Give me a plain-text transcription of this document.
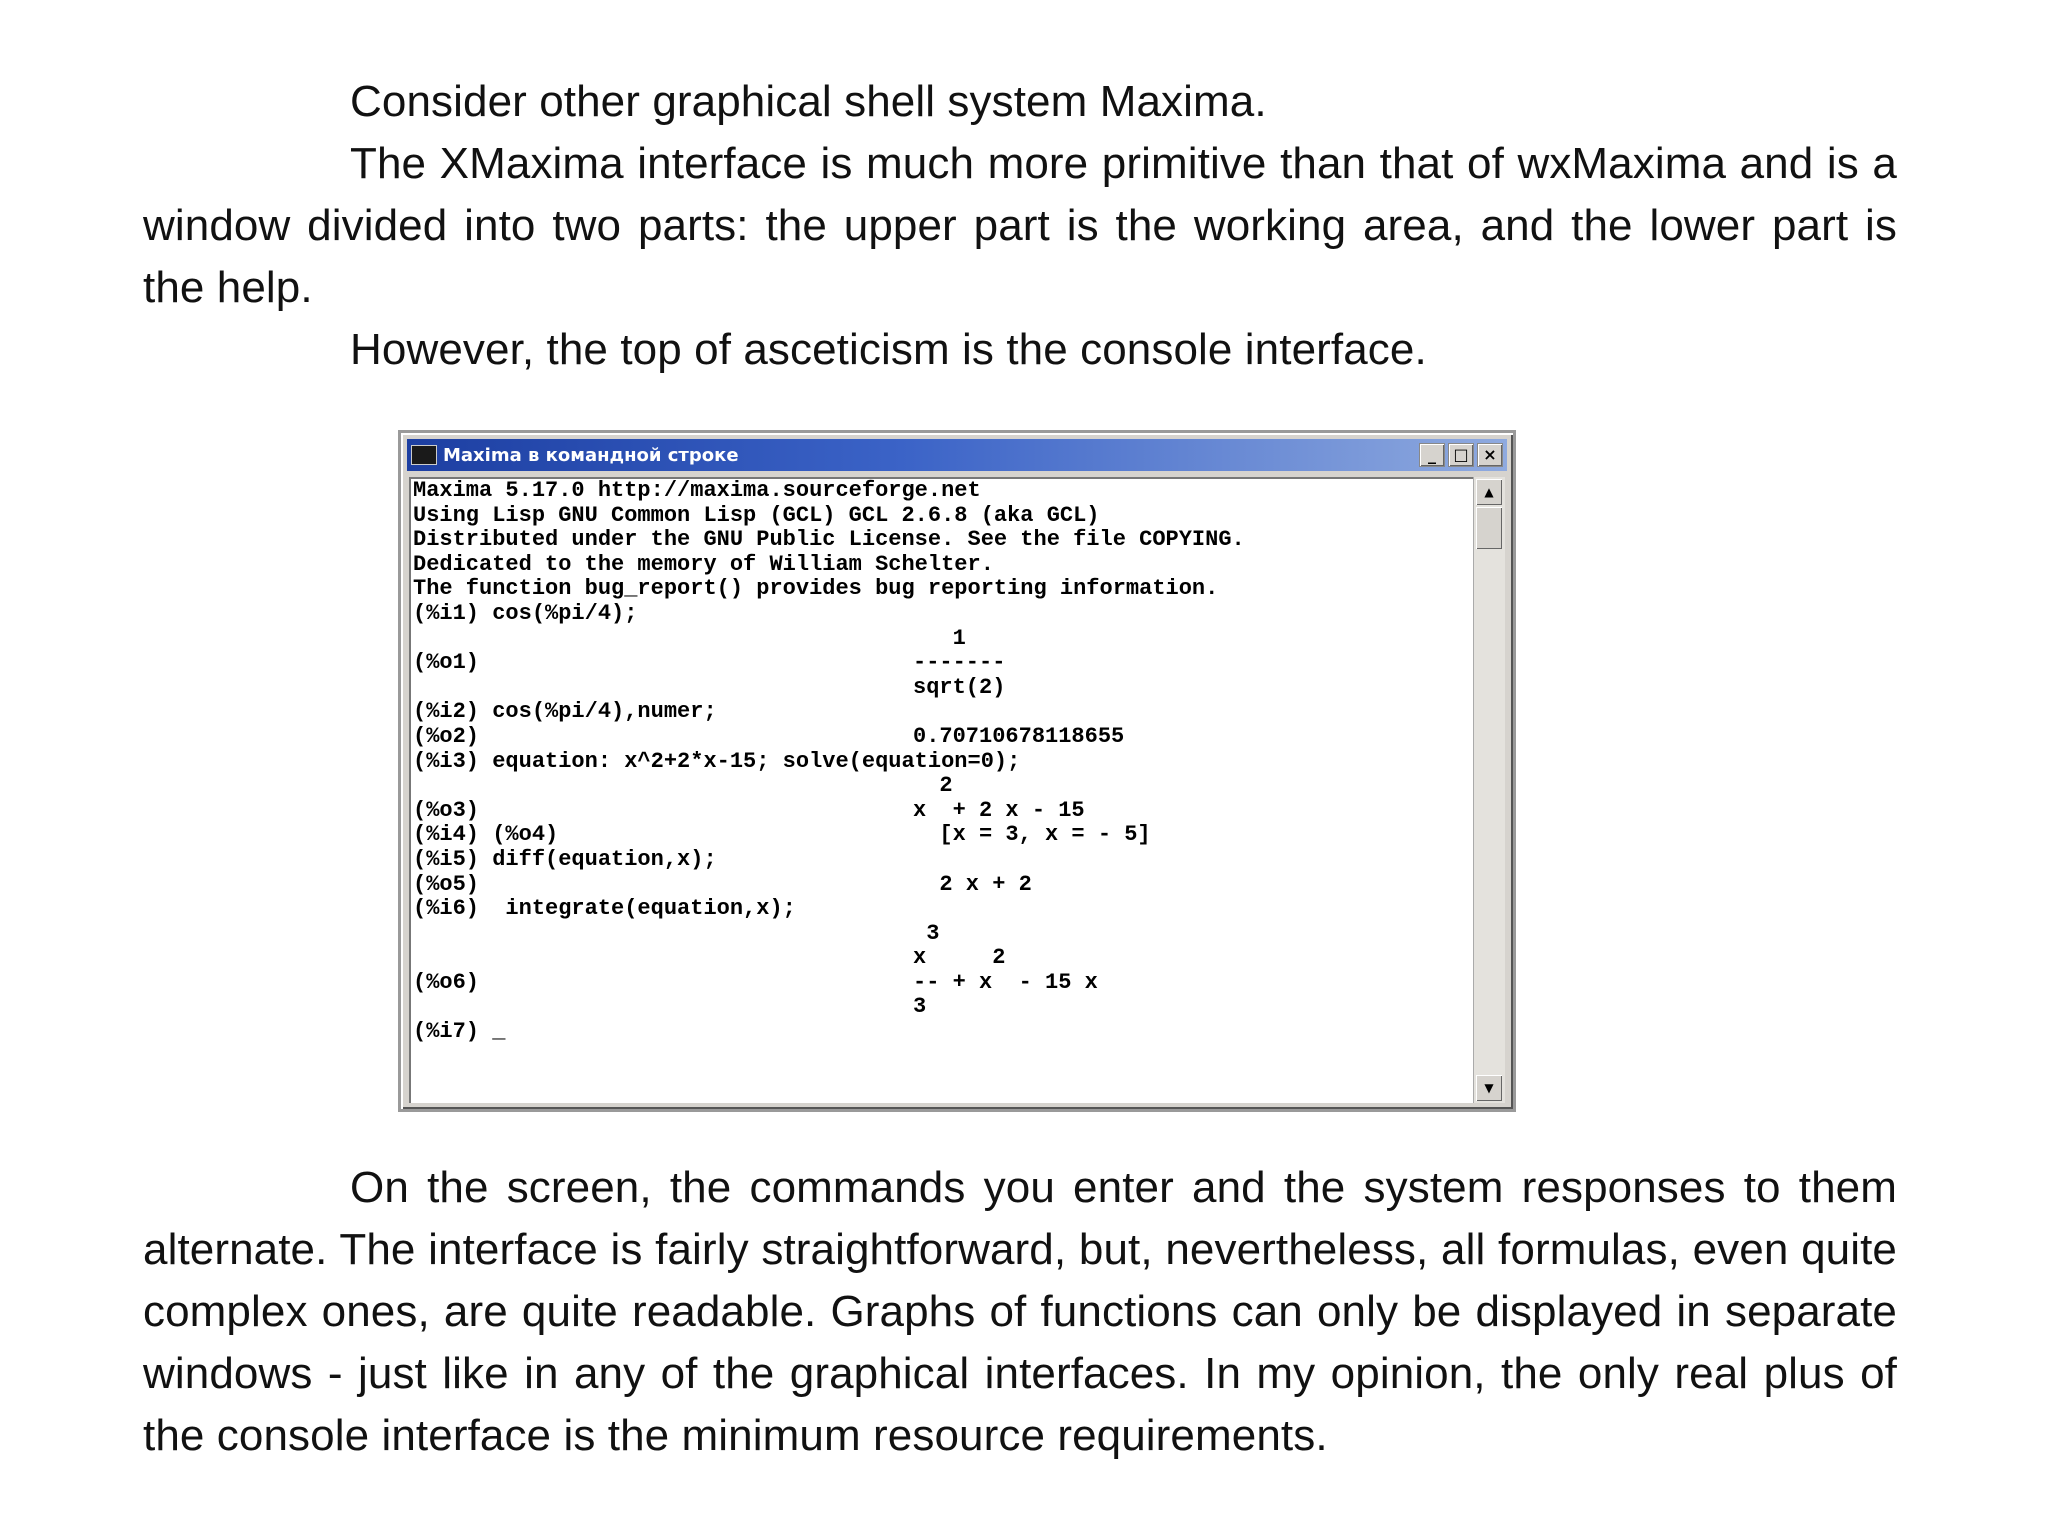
Consider other graphical shell system Maxima.

The XMaxima interface is much more primitive than that of wxMaxima and is a window divided into two parts: the upper part is the working area, and the lower part is the help.

However, the top of asceticism is the console interface.

Maxima в командной строке	_	□ ×
Maxima 5.17.0 http://maxima.sourceforge.net
Using Lisp GNU Common Lisp (GCL) GCL 2.6.8 (aka GCL)
Distributed under the GNU Public License. See the file COPYING.
Dedicated to the memory of William Schelter.
The function bug_report() provides bug reporting information.
(%i1) cos(%pi/4);
1
(%o1)	-------
sqrt(2)
(%i2) cos(%pi/4),numer;
(%o2)	0.70710678118655
(%i3) equation: x^2+2*x-15; solve(equation=0);
2
(%o3)	x  + 2 x - 15
(%i4) (%o4)	[x = 3, x = - 5]
(%i5) diff(equation,x);
(%o5)	2 x + 2
(%i6)  integrate(equation,x);
3
x     2
(%o6)	-- + x  - 15 x
3
(%i7) _
▲
▼

On the screen, the commands you enter and the system responses to them alternate. The interface is fairly straightforward, but, nevertheless, all formulas, even quite complex ones, are quite readable. Graphs of functions can only be displayed in separate windows - just like in any of the graphical interfaces. In my opinion, the only real plus of the console interface is the minimum resource requirements.
